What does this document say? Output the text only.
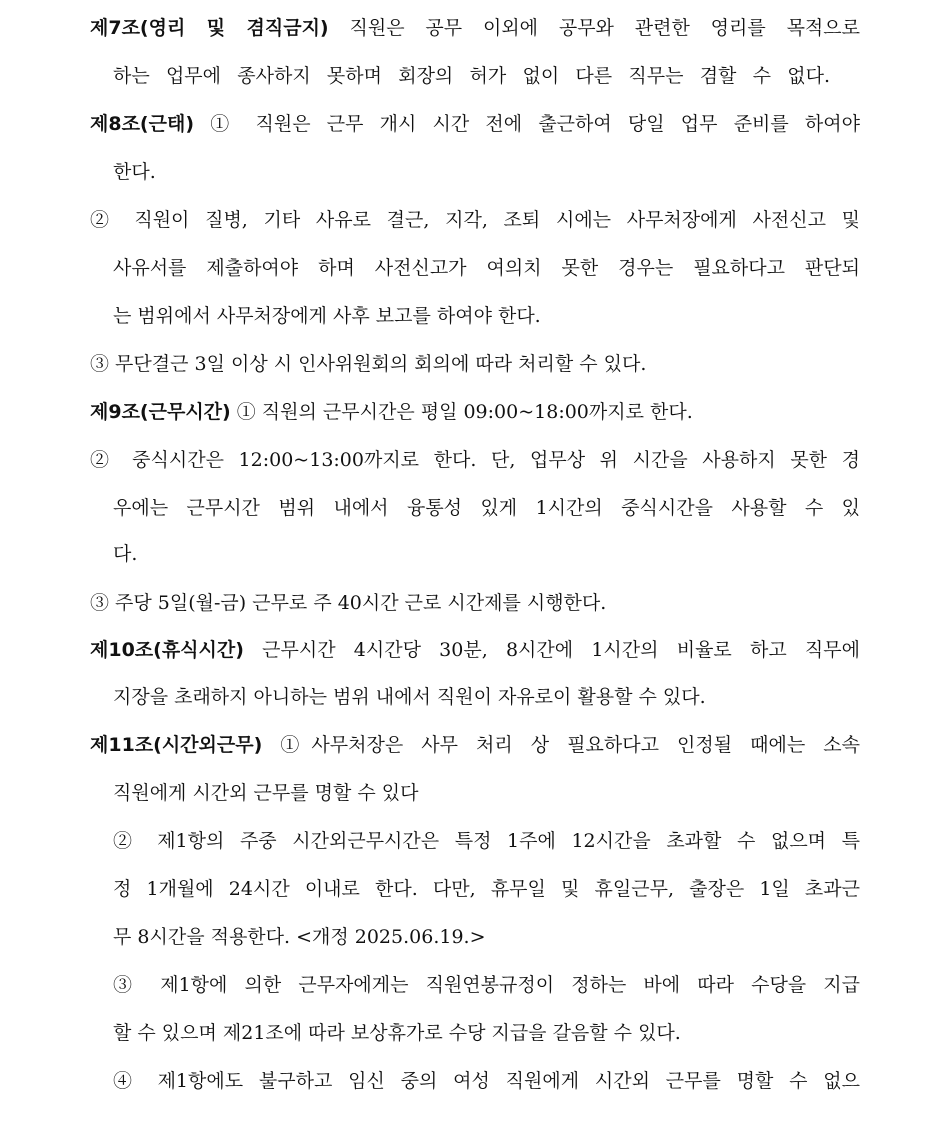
제7조(영리 및 겸직금지) 직원은 공무 이외에 공무와 관련한 영리를 목적으로
하는 업무에 종사하지 못하며 회장의 허가 없이 다른 직무는 겸할 수 없다.
제8조(근태) ① 직원은 근무 개시 시간 전에 출근하여 당일 업무 준비를 하여야
한다.
② 직원이 질병, 기타 사유로 결근, 지각, 조퇴 시에는 사무처장에게 사전신고 및
사유서를 제출하여야 하며 사전신고가 여의치 못한 경우는 필요하다고 판단되
는 범위에서 사무처장에게 사후 보고를 하여야 한다.
③ 무단결근 3일 이상 시 인사위원회의 회의에 따라 처리할 수 있다.
제9조(근무시간) ① 직원의 근무시간은 평일 09:00~18:00까지로 한다.
② 중식시간은 12:00~13:00까지로 한다. 단, 업무상 위 시간을 사용하지 못한 경
우에는 근무시간 범위 내에서 융통성 있게 1시간의 중식시간을 사용할 수 있
다.
③ 주당 5일(월-금) 근무로 주 40시간 근로 시간제를 시행한다.
제10조(휴식시간) 근무시간 4시간당 30분, 8시간에 1시간의 비율로 하고 직무에
지장을 초래하지 아니하는 범위 내에서 직원이 자유로이 활용할 수 있다.
제11조(시간외근무) ①사무처장은 사무 처리 상 필요하다고 인정될 때에는 소속
직원에게 시간외 근무를 명할 수 있다
② 제1항의 주중 시간외근무시간은 특정 1주에 12시간을 초과할 수 없으며 특
정 1개월에 24시간 이내로 한다. 다만, 휴무일 및 휴일근무, 출장은 1일 초과근
무 8시간을 적용한다. <개정 2025.06.19.>
③ 제1항에 의한 근무자에게는 직원연봉규정이 정하는 바에 따라 수당을 지급
할 수 있으며 제21조에 따라 보상휴가로 수당 지급을 갈음할 수 있다.
④ 제1항에도 불구하고 임신 중의 여성 직원에게 시간외 근무를 명할 수 없으
